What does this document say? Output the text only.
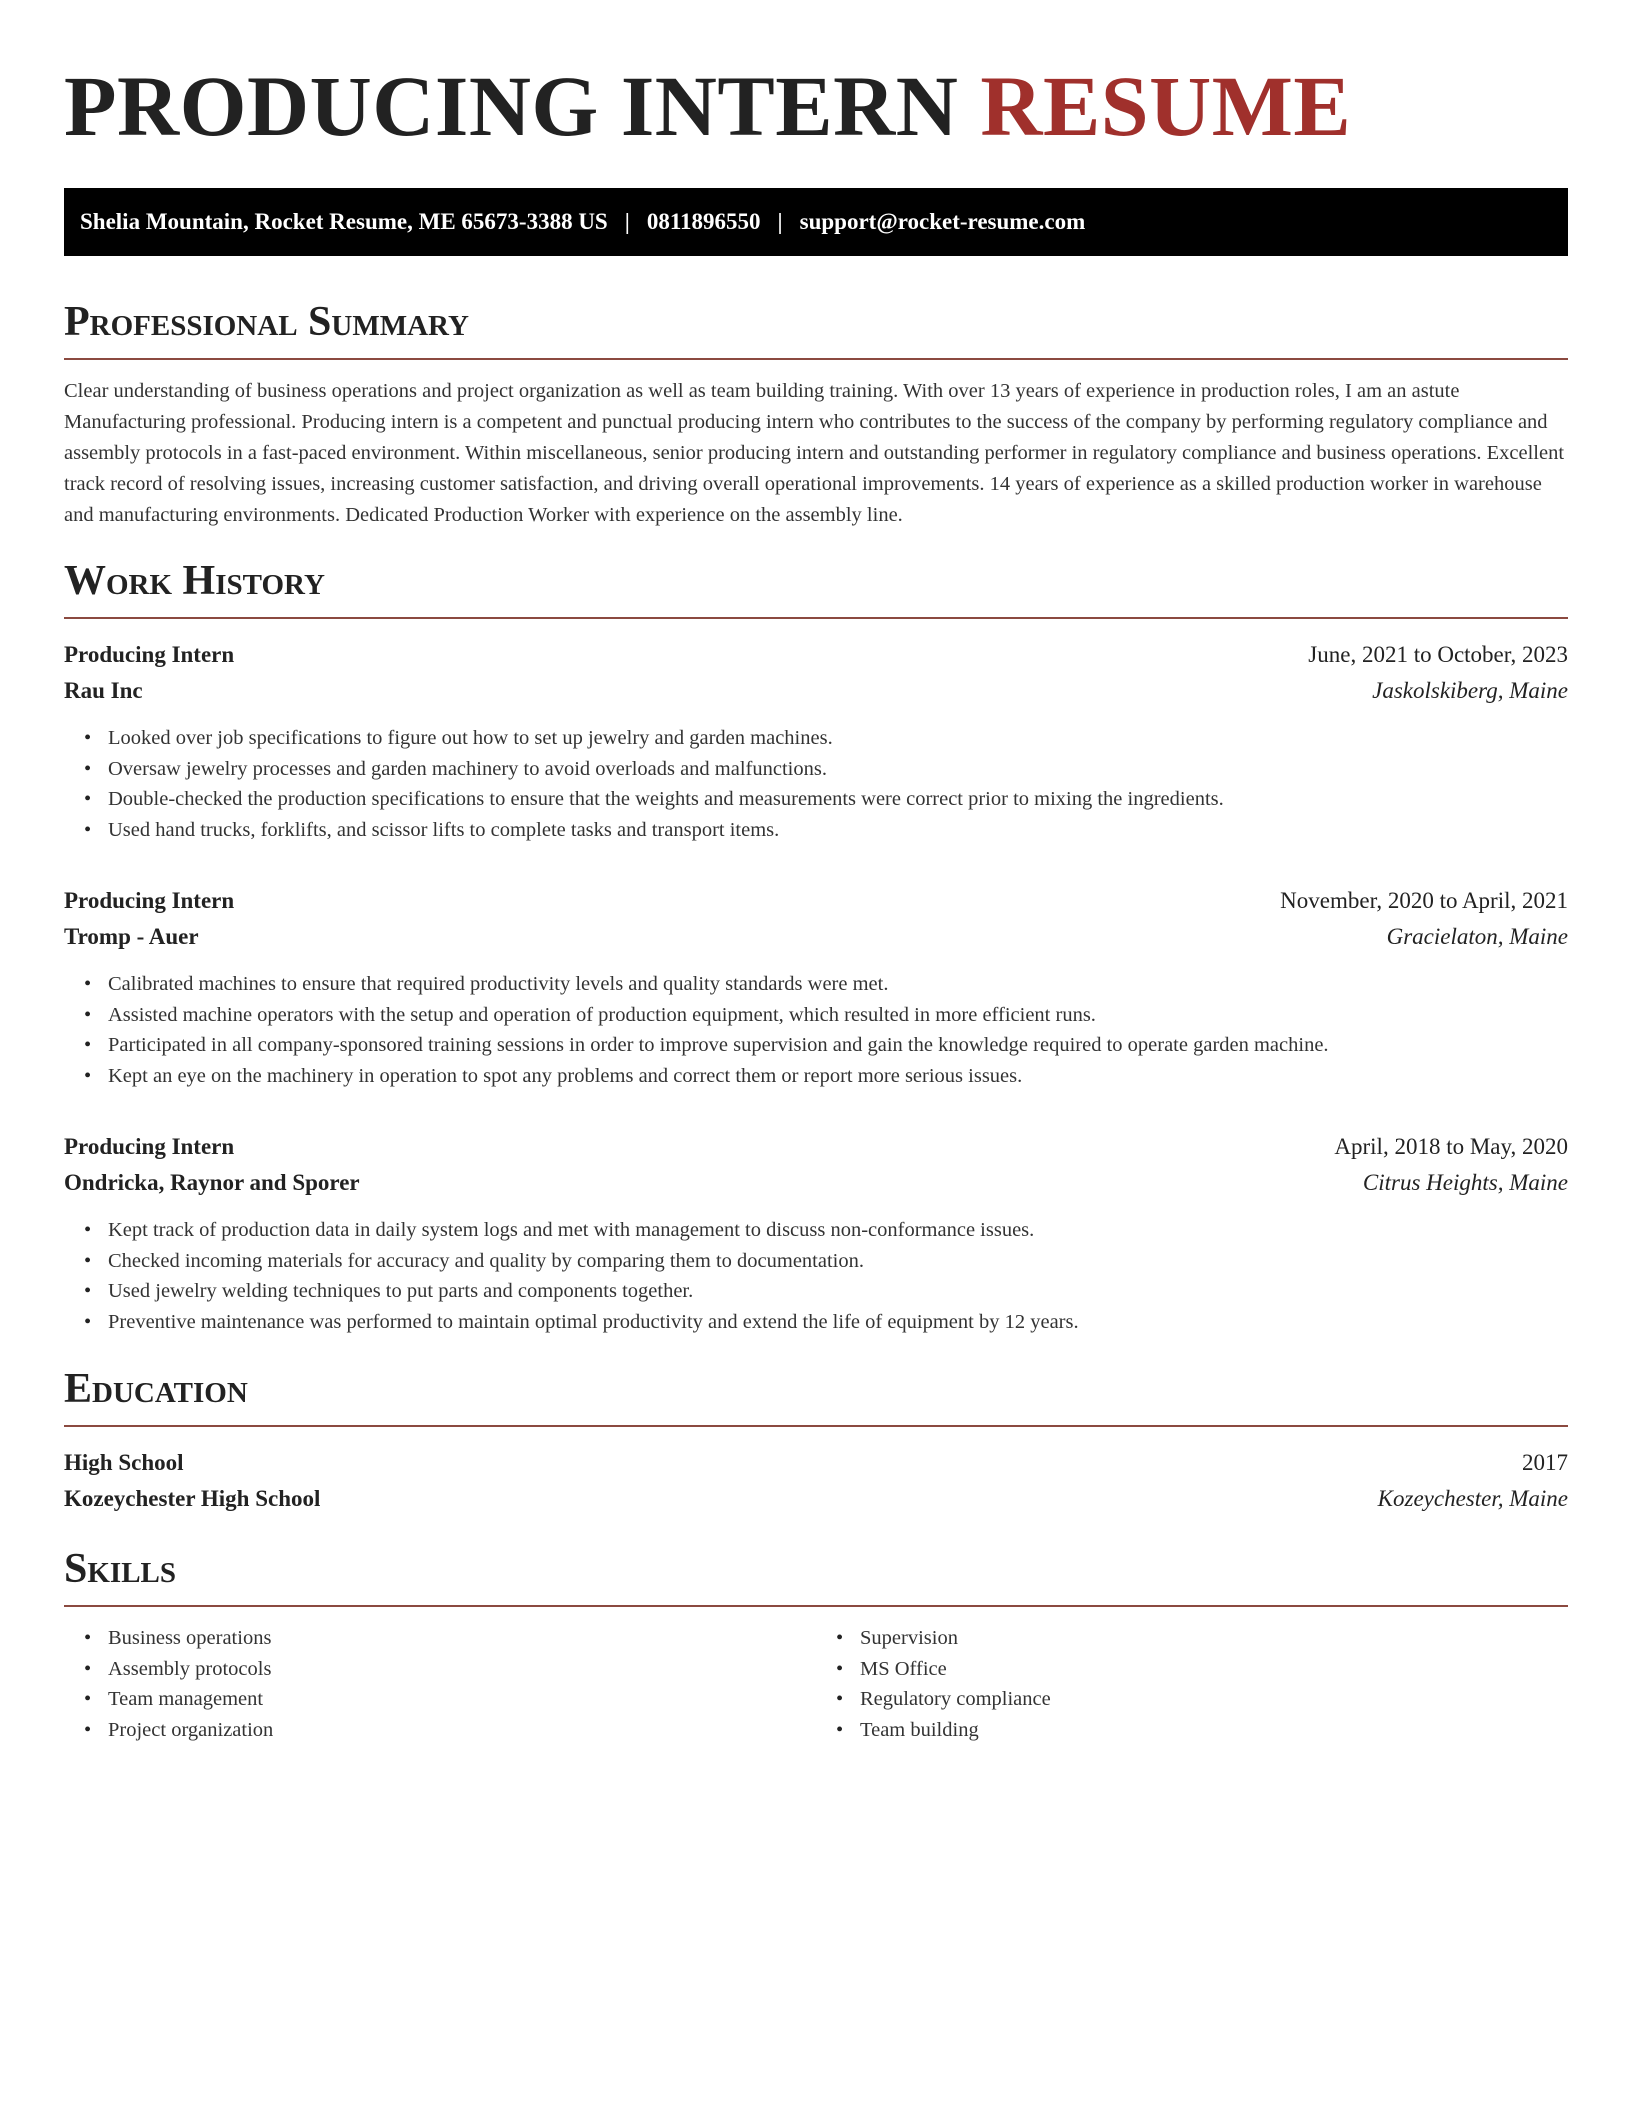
PRODUCING INTERN RESUME
Shelia Mountain, Rocket Resume, ME 65673-3388 US | 0811896550 | support@rocket-resume.com
Professional Summary

Clear understanding of business operations and project organization as well as team building training. With over 13 years of experience in production roles, I am an astute Manufacturing professional. Producing intern is a competent and punctual producing intern who contributes to the success of the company by performing regulatory compliance and assembly protocols in a fast-paced environment. Within miscellaneous, senior producing intern and outstanding performer in regulatory compliance and business operations. Excellent track record of resolving issues, increasing customer satisfaction, and driving overall operational improvements. 14 years of experience as a skilled production worker in warehouse and manufacturing environments. Dedicated Production Worker with experience on the assembly line.

Work History
Producing Intern	June, 2021 to October, 2023
Rau Inc	Jaskolskiberg, Maine
• Looked over job specifications to figure out how to set up jewelry and garden machines.
• Oversaw jewelry processes and garden machinery to avoid overloads and malfunctions.
• Double-checked the production specifications to ensure that the weights and measurements were correct prior to mixing the ingredients.
• Used hand trucks, forklifts, and scissor lifts to complete tasks and transport items.
Producing Intern	November, 2020 to April, 2021
Tromp - Auer	Gracielaton, Maine
• Calibrated machines to ensure that required productivity levels and quality standards were met.
• Assisted machine operators with the setup and operation of production equipment, which resulted in more efficient runs.
• Participated in all company-sponsored training sessions in order to improve supervision and gain the knowledge required to operate garden machine.
• Kept an eye on the machinery in operation to spot any problems and correct them or report more serious issues.
Producing Intern	April, 2018 to May, 2020
Ondricka, Raynor and Sporer	Citrus Heights, Maine
• Kept track of production data in daily system logs and met with management to discuss non-conformance issues.
• Checked incoming materials for accuracy and quality by comparing them to documentation.
• Used jewelry welding techniques to put parts and components together.
• Preventive maintenance was performed to maintain optimal productivity and extend the life of equipment by 12 years.
Education
High School	2017
Kozeychester High School	Kozeychester, Maine
Skills
• Business operations
• Assembly protocols
• Team management
• Project organization
• Supervision
• MS Office
• Regulatory compliance
• Team building
